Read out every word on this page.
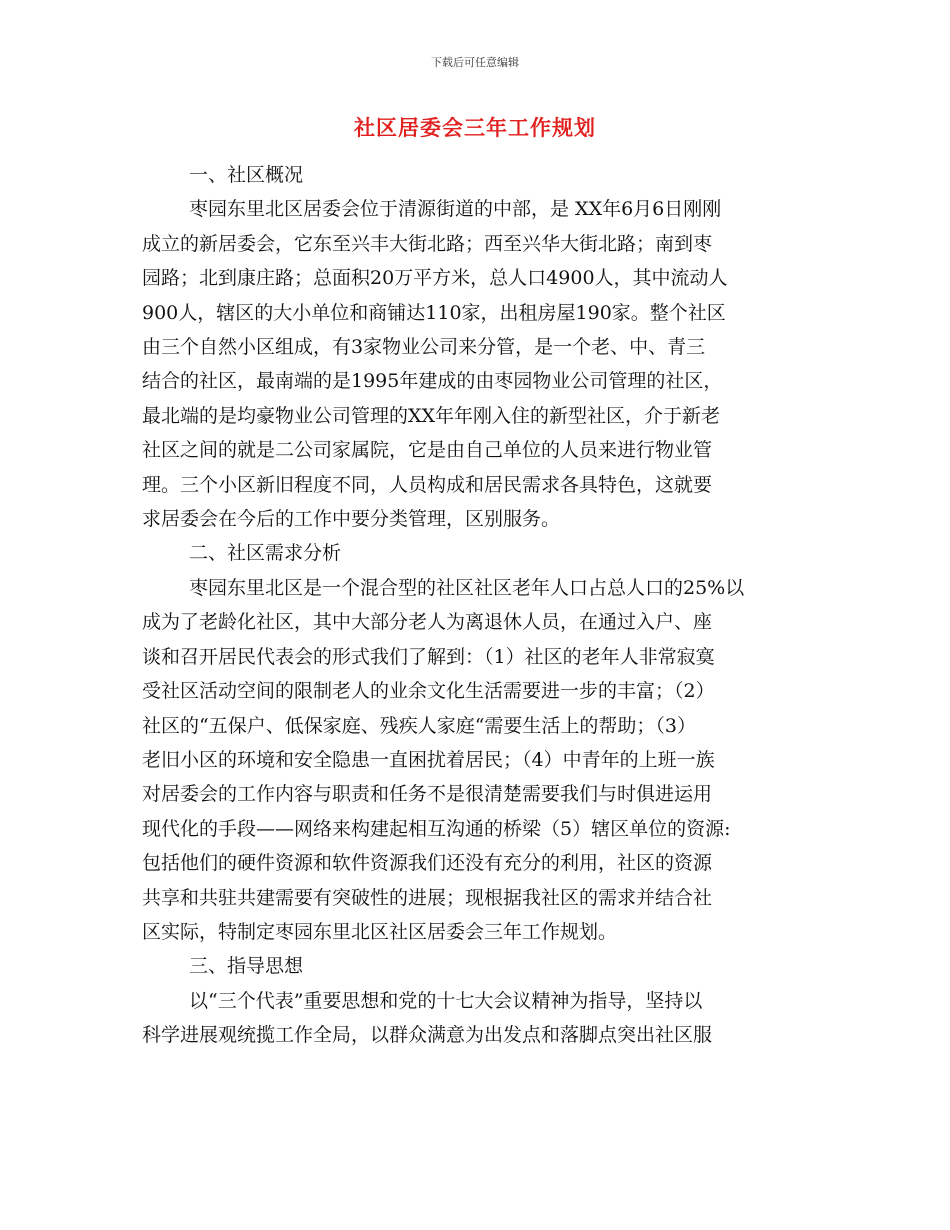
下载后可任意编辑
社区居委会三年工作规划

一、社区概况

枣园东里北区居委会位于清源街道的中部，是 XX年6月6日刚刚
成立的新居委会，它东至兴丰大街北路；西至兴华大街北路；南到枣
园路；北到康庄路；总面积20万平方米，总人口4900人，其中流动人
900人，辖区的大小单位和商铺达110家，出租房屋190家。整个社区
由三个自然小区组成，有3家物业公司来分管，是一个老、中、青三
结合的社区，最南端的是1995年建成的由枣园物业公司管理的社区，
最北端的是均豪物业公司管理的XX年年刚入住的新型社区，介于新老
社区之间的就是二公司家属院，它是由自己单位的人员来进行物业管
理。三个小区新旧程度不同，人员构成和居民需求各具特色，这就要
求居委会在今后的工作中要分类管理，区别服务。

二、社区需求分析

枣园东里北区是一个混合型的社区社区老年人口占总人口的25%以
成为了老龄化社区，其中大部分老人为离退休人员，在通过入户、座
谈和召开居民代表会的形式我们了解到：（1）社区的老年人非常寂寞
受社区活动空间的限制老人的业余文化生活需要进一步的丰富；（2）
社区的“五保户、低保家庭、残疾人家庭“需要生活上的帮助；（3）
老旧小区的环境和安全隐患一直困扰着居民；（4）中青年的上班一族
对居委会的工作内容与职责和任务不是很清楚需要我们与时俱进运用
现代化的手段——网络来构建起相互沟通的桥梁（5）辖区单位的资源:
包括他们的硬件资源和软件资源我们还没有充分的利用，社区的资源
共享和共驻共建需要有突破性的进展；现根据我社区的需求并结合社
区实际，特制定枣园东里北区社区居委会三年工作规划。

三、指导思想

以“三个代表”重要思想和党的十七大会议精神为指导，坚持以
科学进展观统揽工作全局，以群众满意为出发点和落脚点突出社区服
